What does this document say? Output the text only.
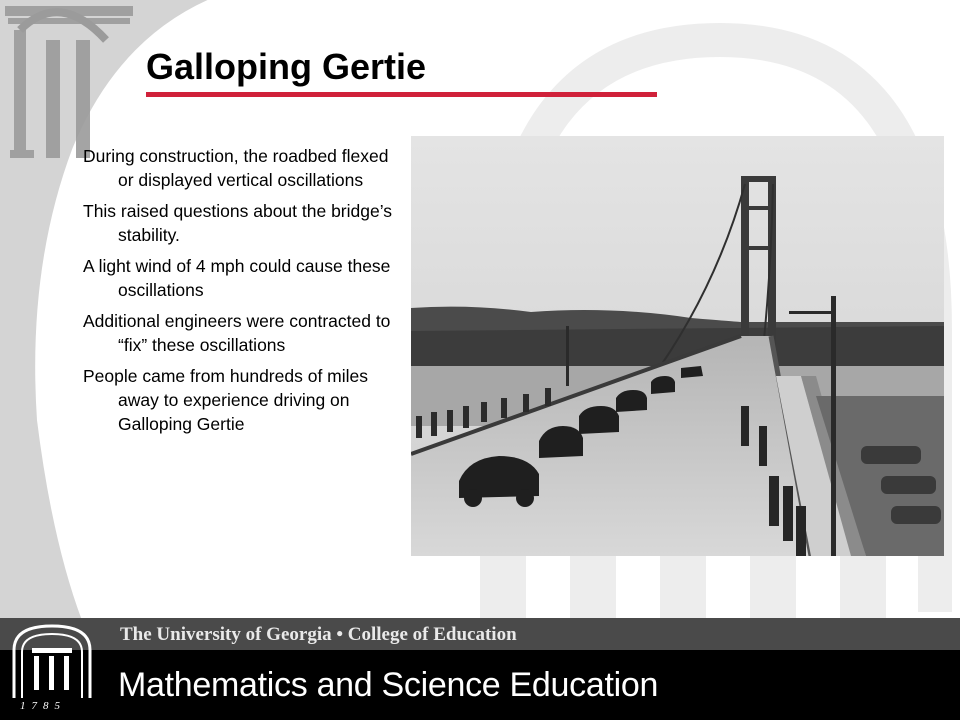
Galloping Gertie
During construction, the roadbed flexed or displayed vertical oscillations
This raised questions about the bridge’s stability.
A light wind of 4 mph could cause these oscillations
Additional engineers were contracted to “fix” these oscillations
People came from hundreds of miles away to experience driving on Galloping Gertie

1785

The University of Georgia • College of Education

Mathematics and Science Education
